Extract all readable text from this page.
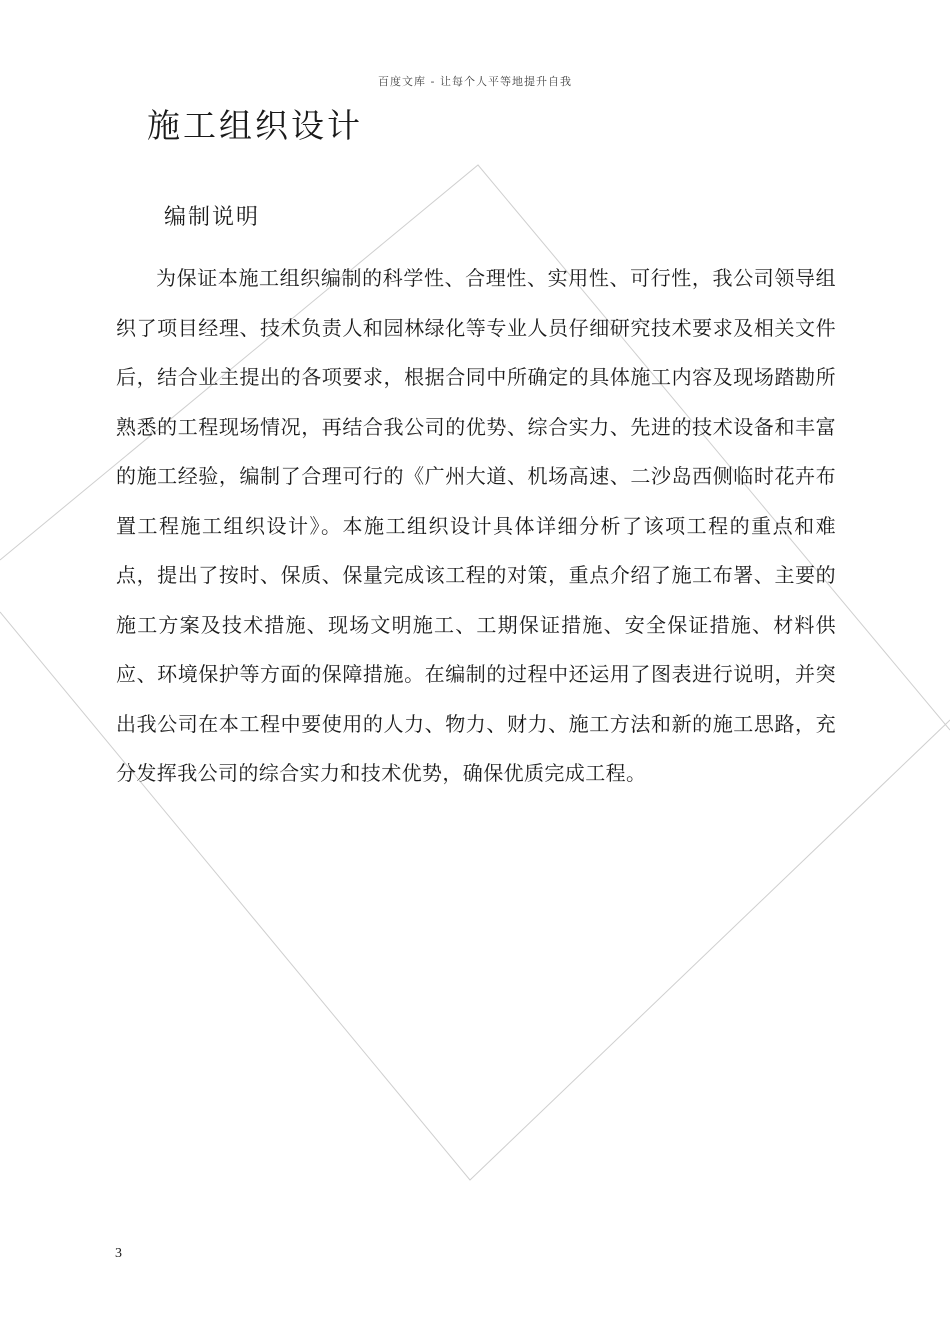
百度文库 - 让每个人平等地提升自我
施工组织设计
编制说明

为保证本施工组织编制的科学性、合理性、实用性、可行性，我公司领导组织了项目经理、技术负责人和园林绿化等专业人员仔细研究技术要求及相关文件后，结合业主提出的各项要求，根据合同中所确定的具体施工内容及现场踏勘所熟悉的工程现场情况，再结合我公司的优势、综合实力、先进的技术设备和丰富的施工经验，编制了合理可行的《广州大道、机场高速、二沙岛西侧临时花卉布置工程施工组织设计》。本施工组织设计具体详细分析了该项工程的重点和难点，提出了按时、保质、保量完成该工程的对策，重点介绍了施工布署、主要的施工方案及技术措施、现场文明施工、工期保证措施、安全保证措施、材料供应、环境保护等方面的保障措施。在编制的过程中还运用了图表进行说明，并突出我公司在本工程中要使用的人力、物力、财力、施工方法和新的施工思路，充分发挥我公司的综合实力和技术优势，确保优质完成工程。

3
